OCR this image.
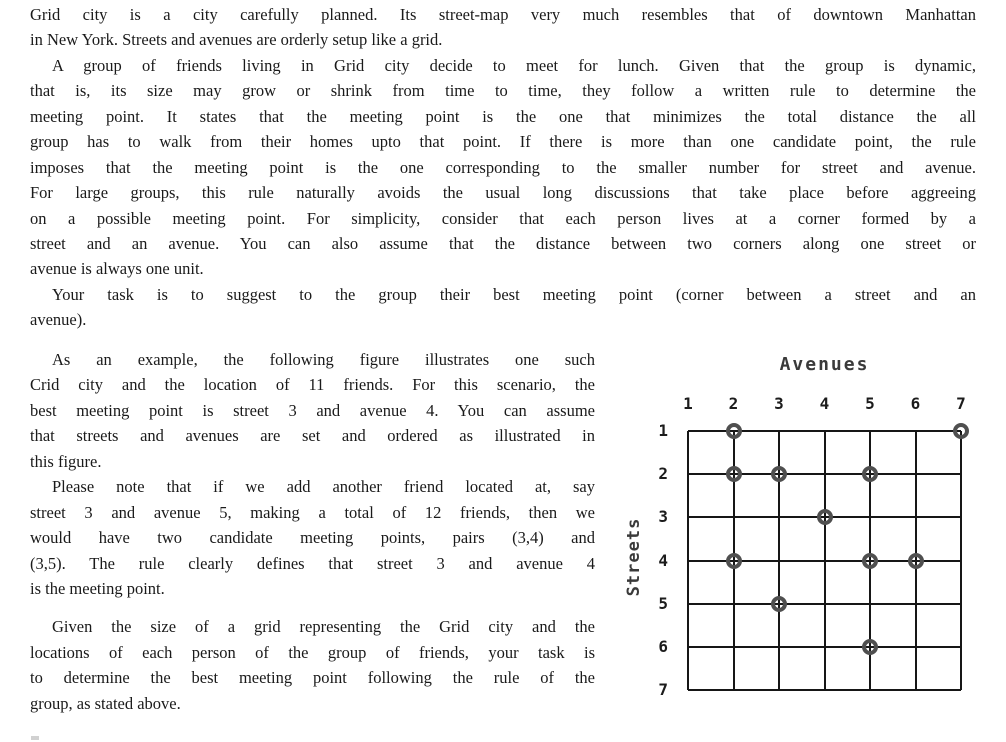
Grid city is a city carefully planned. Its street-map very much resembles that of downtown Manhattan
in New York. Streets and avenues are orderly setup like a grid.
A group of friends living in Grid city decide to meet for lunch. Given that the group is dynamic,
that is, its size may grow or shrink from time to time, they follow a written rule to determine the
meeting point. It states that the meeting point is the one that minimizes the total distance the all
group has to walk from their homes upto that point. If there is more than one candidate point, the rule
imposes that the meeting point is the one corresponding to the smaller number for street and avenue.
For large groups, this rule naturally avoids the usual long discussions that take place before aggreeing
on a possible meeting point. For simplicity, consider that each person lives at a corner formed by a
street and an avenue. You can also assume that the distance between two corners along one street or
avenue is always one unit.
Your task is to suggest to the group their best meeting point (corner between a street and an
avenue).
As an example, the following figure illustrates one such
Crid city and the location of 11 friends. For this scenario, the
best meeting point is street 3 and avenue 4. You can assume
that streets and avenues are set and ordered as illustrated in
this figure.
Please note that if we add another friend located at, say
street 3 and avenue 5, making a total of 12 friends, then we
would have two candidate meeting points, pairs (3,4) and
(3,5). The rule clearly defines that street 3 and avenue 4
is the meeting point.
Given the size of a grid representing the Grid city and the
locations of each person of the group of friends, your task is
to determine the best meeting point following the rule of the
group, as stated above.
Avenues
Streets
1	2	3	4	5	6	7
1
2
3
4
5
6
7
